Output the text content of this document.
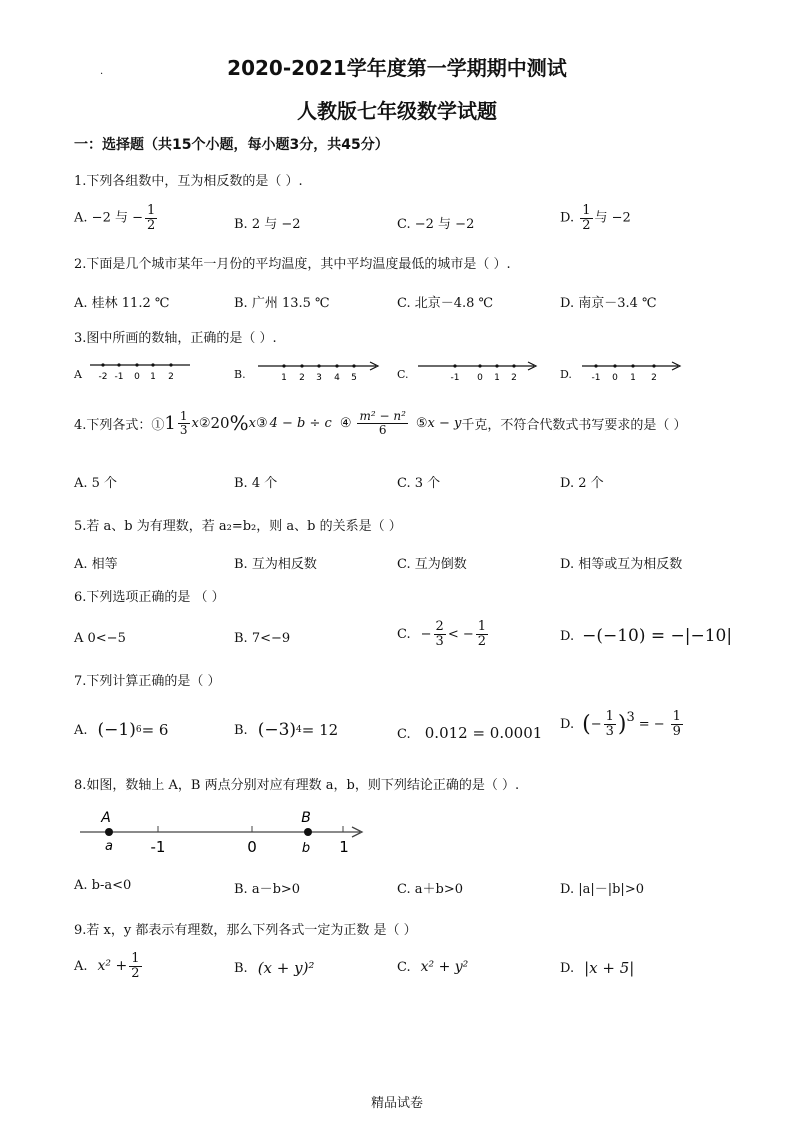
.	2020-2021学年度第一学期期中测试
人教版七年级数学试题
一：选择题（共15个小题，每小题3分，共45分）
1.下列各组数中，互为相反数的是（ ）.
A. −2 与 − $\frac{1}{2}$	B. 2 与 −2	C. −2 与 −2	D. $\frac{1}{2}$ 与 −2
2.下面是几个城市某年一月份的平均温度，其中平均温度最低的城市是（ ）.
A. 桂林 11.2 ℃	B. 广州 13.5 ℃	C. 北京－4.8 ℃	D. 南京－3.4 ℃
3.图中所画的数轴，正确的是（ ）.
A	B.	C.	D.
-2 -1 0 1 2	1 2 3 4 5	-1 0 1 2	-1 0 1 2
4.下列各式：① $1 \frac{1}{3}$ x ② 20 % x ③ 4 − b ÷ c ④ $\frac{\text{m² − n²}}{6}$ ⑤ x − y 千克，不符合代数式书写要求的是（ ）
A. 5 个	B. 4 个	C. 3 个	D. 2 个
5.若 a、b 为有理数，若 a₂=b₂，则 a、b 的关系是（ ）
A. 相等	B. 互为相反数	C. 互为倒数	D. 相等或互为相反数
6.下列选项正确的是 （ ）
A 0<−5	B. 7<−9	C. − $\frac{2}{3}$ < − $\frac{1}{2}$	D. −(−10) = −|−10|
7.下列计算正确的是（ ）
A. (−1) 6 = 6	B. (−3) 4 = 12	C. 0.012 = 0.0001 D. ( − $\frac{1}{3}$ ) 3 = − $\frac{1}{9}$
8.如图，数轴上 A，B 两点分别对应有理数 a，b，则下列结论正确的是（ ）.
A
a
B
b
-1	0	1
A. b-a<0	B. a－b>0	C. a＋b>0	D. |a|－|b|>0
9.若 x，y 都表示有理数，那么下列各式一定为正数 是（ ）
A. $x^2 + \frac{1}{2}$	B. (x + y)²	C. x² + y²	D. |x + 5|
精品试卷
